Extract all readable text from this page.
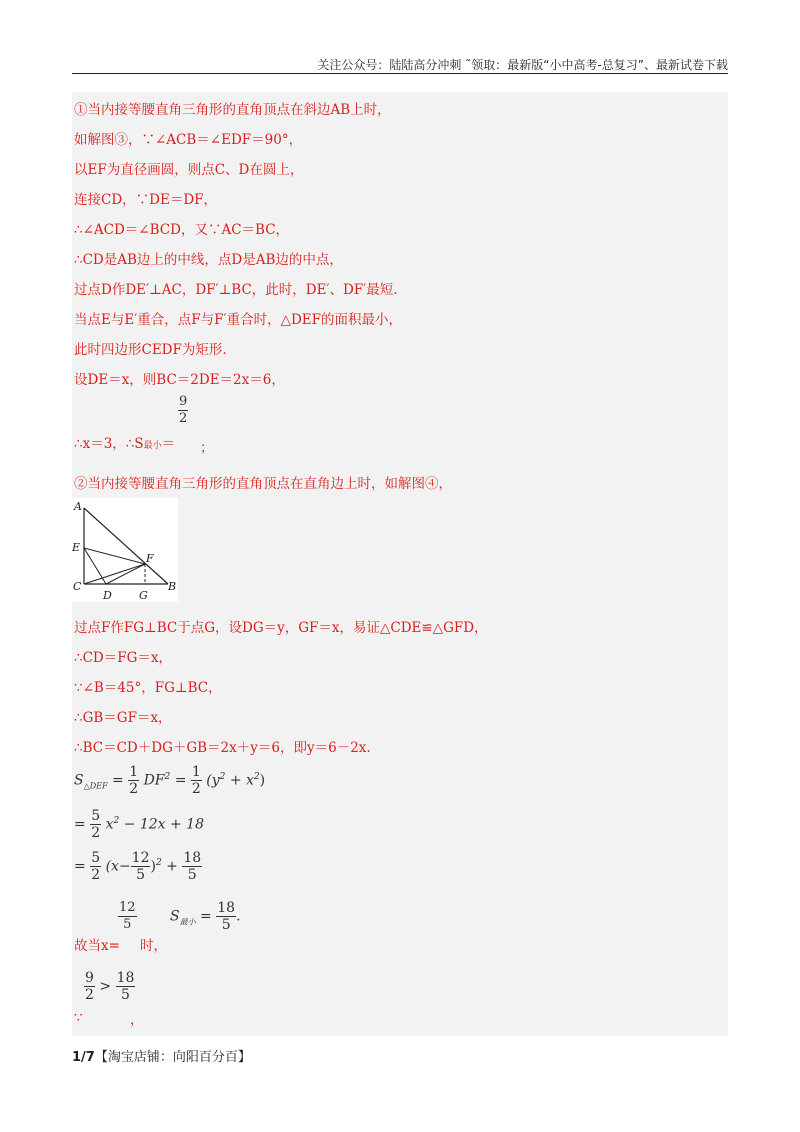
关注公众号：陆陆高分冲刺 ˜领取：最新版“小中高考-总复习”、最新试卷下载
①当内接等腰直角三角形的直角顶点在斜边AB上时，
如解图③，∵∠ACB＝∠EDF＝90°，
以EF为直径画圆，则点C、D在圆上，
连接CD，∵DE＝DF，
∴∠ACD＝∠BCD，又∵AC＝BC，
∴CD是AB边上的中线，点D是AB边的中点，
过点D作DE′⊥AC，DF′⊥BC，此时，DE′、DF′最短.
当点E与E′重合，点F与F′重合时，△DEF的面积最小，
此时四边形CEDF为矩形.
设DE＝x，则BC＝2DE＝2x＝6，
∴x＝3，∴S最小＝
$\frac{9}{2}$
；
②当内接等腰直角三角形的直角顶点在直角边上时，如解图④，
A
E
C
D G
F
B
过点F作FG⊥BC于点G，设DG＝y，GF＝x，易证△CDE≌△GFD，
∴CD＝FG＝x，
∵∠B＝45°，FG⊥BC，
∴GB＝GF＝x，
∴BC＝CD＋DG＋GB＝2x＋y＝6，即y＝6－2x.
$S_{\triangle DEF} = \frac{1}{2} DF^2 = \frac{1}{2} (y^2 + x^2)$
= $\frac{5}{2} x^2 - 12x + 18$
= $\frac{5}{2} (x- \frac{12}{5} )^2 + \frac{18}{5}$
$\frac{12}{5} S_{最小} = \frac{18}{5}$ .
故当x= 时，
$\frac{9}{2} > \frac{18}{5}$
∵	，
1/7【淘宝店铺：向阳百分百】
